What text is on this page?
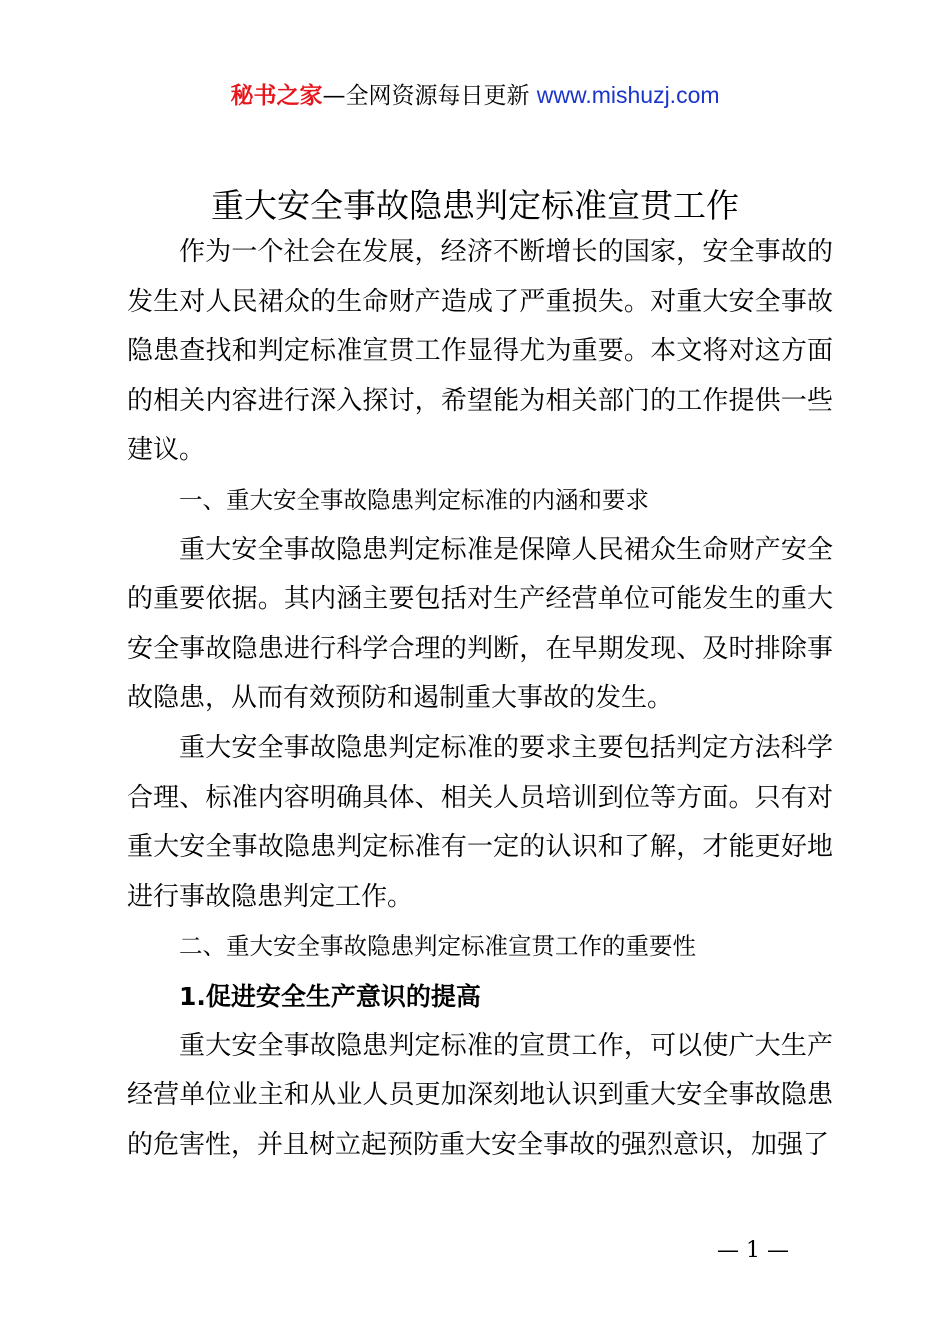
秘书之家—全网资源每日更新 www.mishuzj.com
重大安全事故隐患判定标准宣贯工作

作为一个社会在发展，经济不断增长的国家，安全事故的发生对人民裙众的生命财产造成了严重损失。对重大安全事故隐患查找和判定标准宣贯工作显得尤为重要。本文将对这方面的相关内容进行深入探讨，希望能为相关部门的工作提供一些建议。

一、重大安全事故隐患判定标准的内涵和要求

重大安全事故隐患判定标准是保障人民裙众生命财产安全的重要依据。其内涵主要包括对生产经营单位可能发生的重大安全事故隐患进行科学合理的判断，在早期发现、及时排除事故隐患，从而有效预防和遏制重大事故的发生。

重大安全事故隐患判定标准的要求主要包括判定方法科学合理、标准内容明确具体、相关人员培训到位等方面。只有对重大安全事故隐患判定标准有一定的认识和了解，才能更好地进行事故隐患判定工作。

二、重大安全事故隐患判定标准宣贯工作的重要性

1.促进安全生产意识的提高

重大安全事故隐患判定标准的宣贯工作，可以使广大生产经营单位业主和从业人员更加深刻地认识到重大安全事故隐患的危害性，并且树立起预防重大安全事故的强烈意识，加强了

— 1 —
